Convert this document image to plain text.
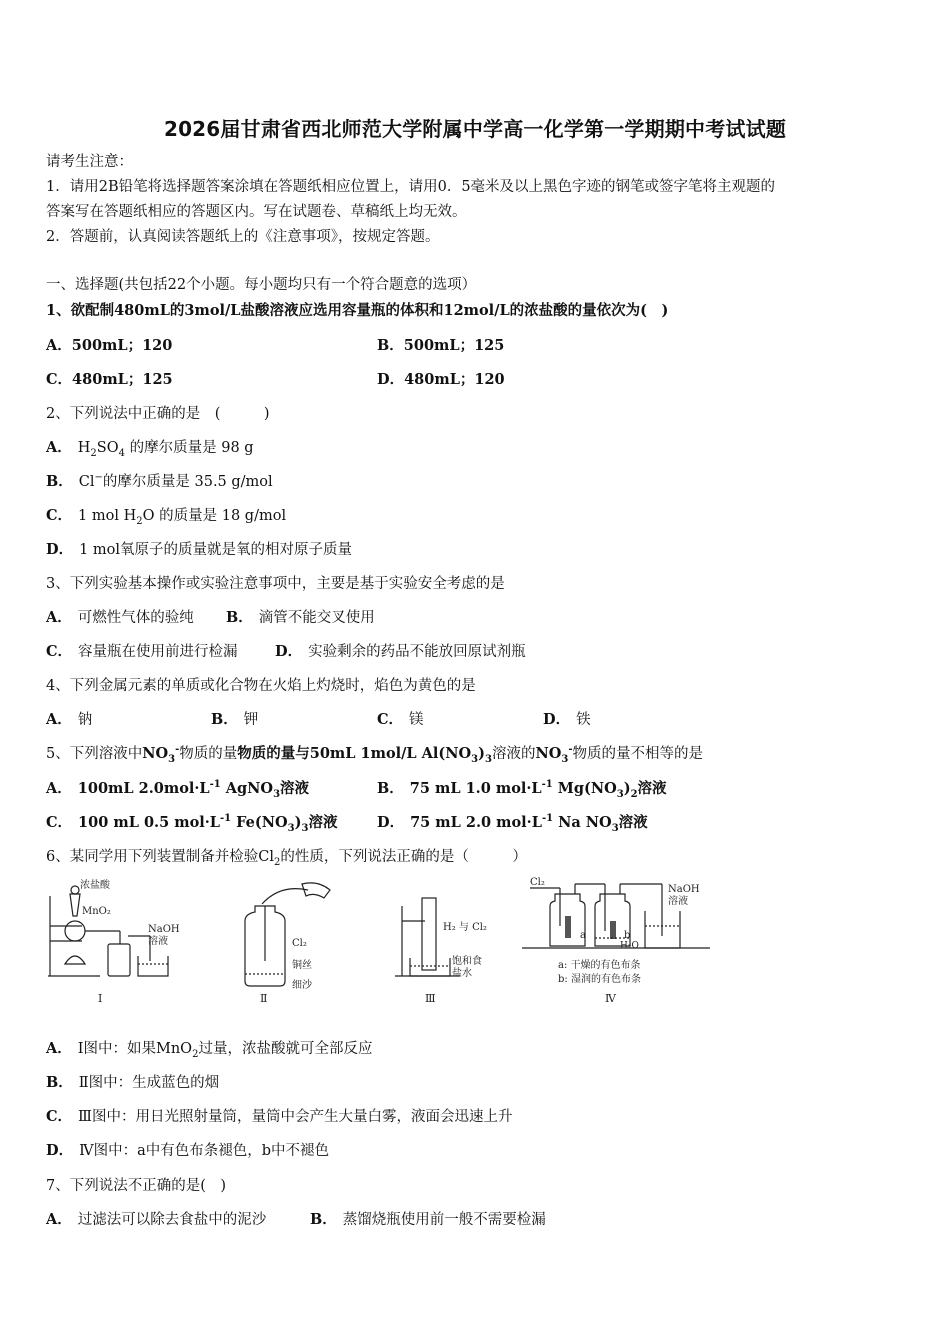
2026届甘肃省西北师范大学附属中学高一化学第一学期期中考试试题
请考生注意：
1．请用2B铅笔将选择题答案涂填在答题纸相应位置上，请用0．5毫米及以上黑色字迹的钢笔或签字笔将主观题的
答案写在答题纸相应的答题区内。写在试题卷、草稿纸上均无效。
2．答题前，认真阅读答题纸上的《注意事项》，按规定答题。
一、选择题(共包括22个小题。每小题均只有一个符合题意的选项）
1、欲配制480mL的3mol/L盐酸溶液应选用容量瓶的体积和12mol/L的浓盐酸的量依次为(　)
A．500mL；120	B．500mL；125
C．480mL；125	D．480mL；120
2、下列说法中正确的是　(　　　)
A． $H_2SO_4$ 的摩尔质量是 98 g
B． Cl−的摩尔质量是 35.5 g/mol
C． 1 mol $H_2O$ 的质量是 18 g/mol
D． 1 mol氧原子的质量就是氧的相对原子质量
3、下列实验基本操作或实验注意事项中，主要是基于实验安全考虑的是
A． 可燃性气体的验纯 B． 滴管不能交叉使用
C． 容量瓶在使用前进行检漏	D． 实验剩余的药品不能放回原试剂瓶
4、下列金属元素的单质或化合物在火焰上灼烧时，焰色为黄色的是
A． 钠	B． 钾	C． 镁	D． 铁
5、下列溶液中$NO_3^-$物质的量物质的量与50mL 1mol/L $Al(NO_3)_3$溶液的$NO_3^-$物质的量不相等的是
A． 100mL $2.0mol\cdot L^{-1}$ AgNO$_3$溶液	B． 75 mL 1.0 $mol\cdot L^{-1}$ $Mg(NO_3)_2$溶液
C． 100 mL 0.5 $mol\cdot L^{-1}$ $Fe(NO_3)_3$溶液	D． 75 mL 2.0 $mol\cdot L^{-1}$ Na $NO_3$溶液
6、某同学用下列装置制备并检验$Cl_2$的性质，下列说法正确的是（　　　）
Ⅰ
浓盐酸
MnO₂
NaOH
溶液
Ⅱ
Cl₂
铜丝
细沙
Ⅲ
H₂ 与 Cl₂
饱和食
盐水
Cl₂
NaOH
溶液
a	b
H₂O
a: 干燥的有色布条
b: 湿润的有色布条
Ⅳ
A． Ⅰ图中：如果MnO$_2$过量，浓盐酸就可全部反应
B． Ⅱ图中：生成蓝色的烟
C． Ⅲ图中：用日光照射量筒，量筒中会产生大量白雾，液面会迅速上升
D． Ⅳ图中：a中有色布条褪色，b中不褪色
7、下列说法不正确的是(　)
A． 过滤法可以除去食盐中的泥沙	B． 蒸馏烧瓶使用前一般不需要检漏
